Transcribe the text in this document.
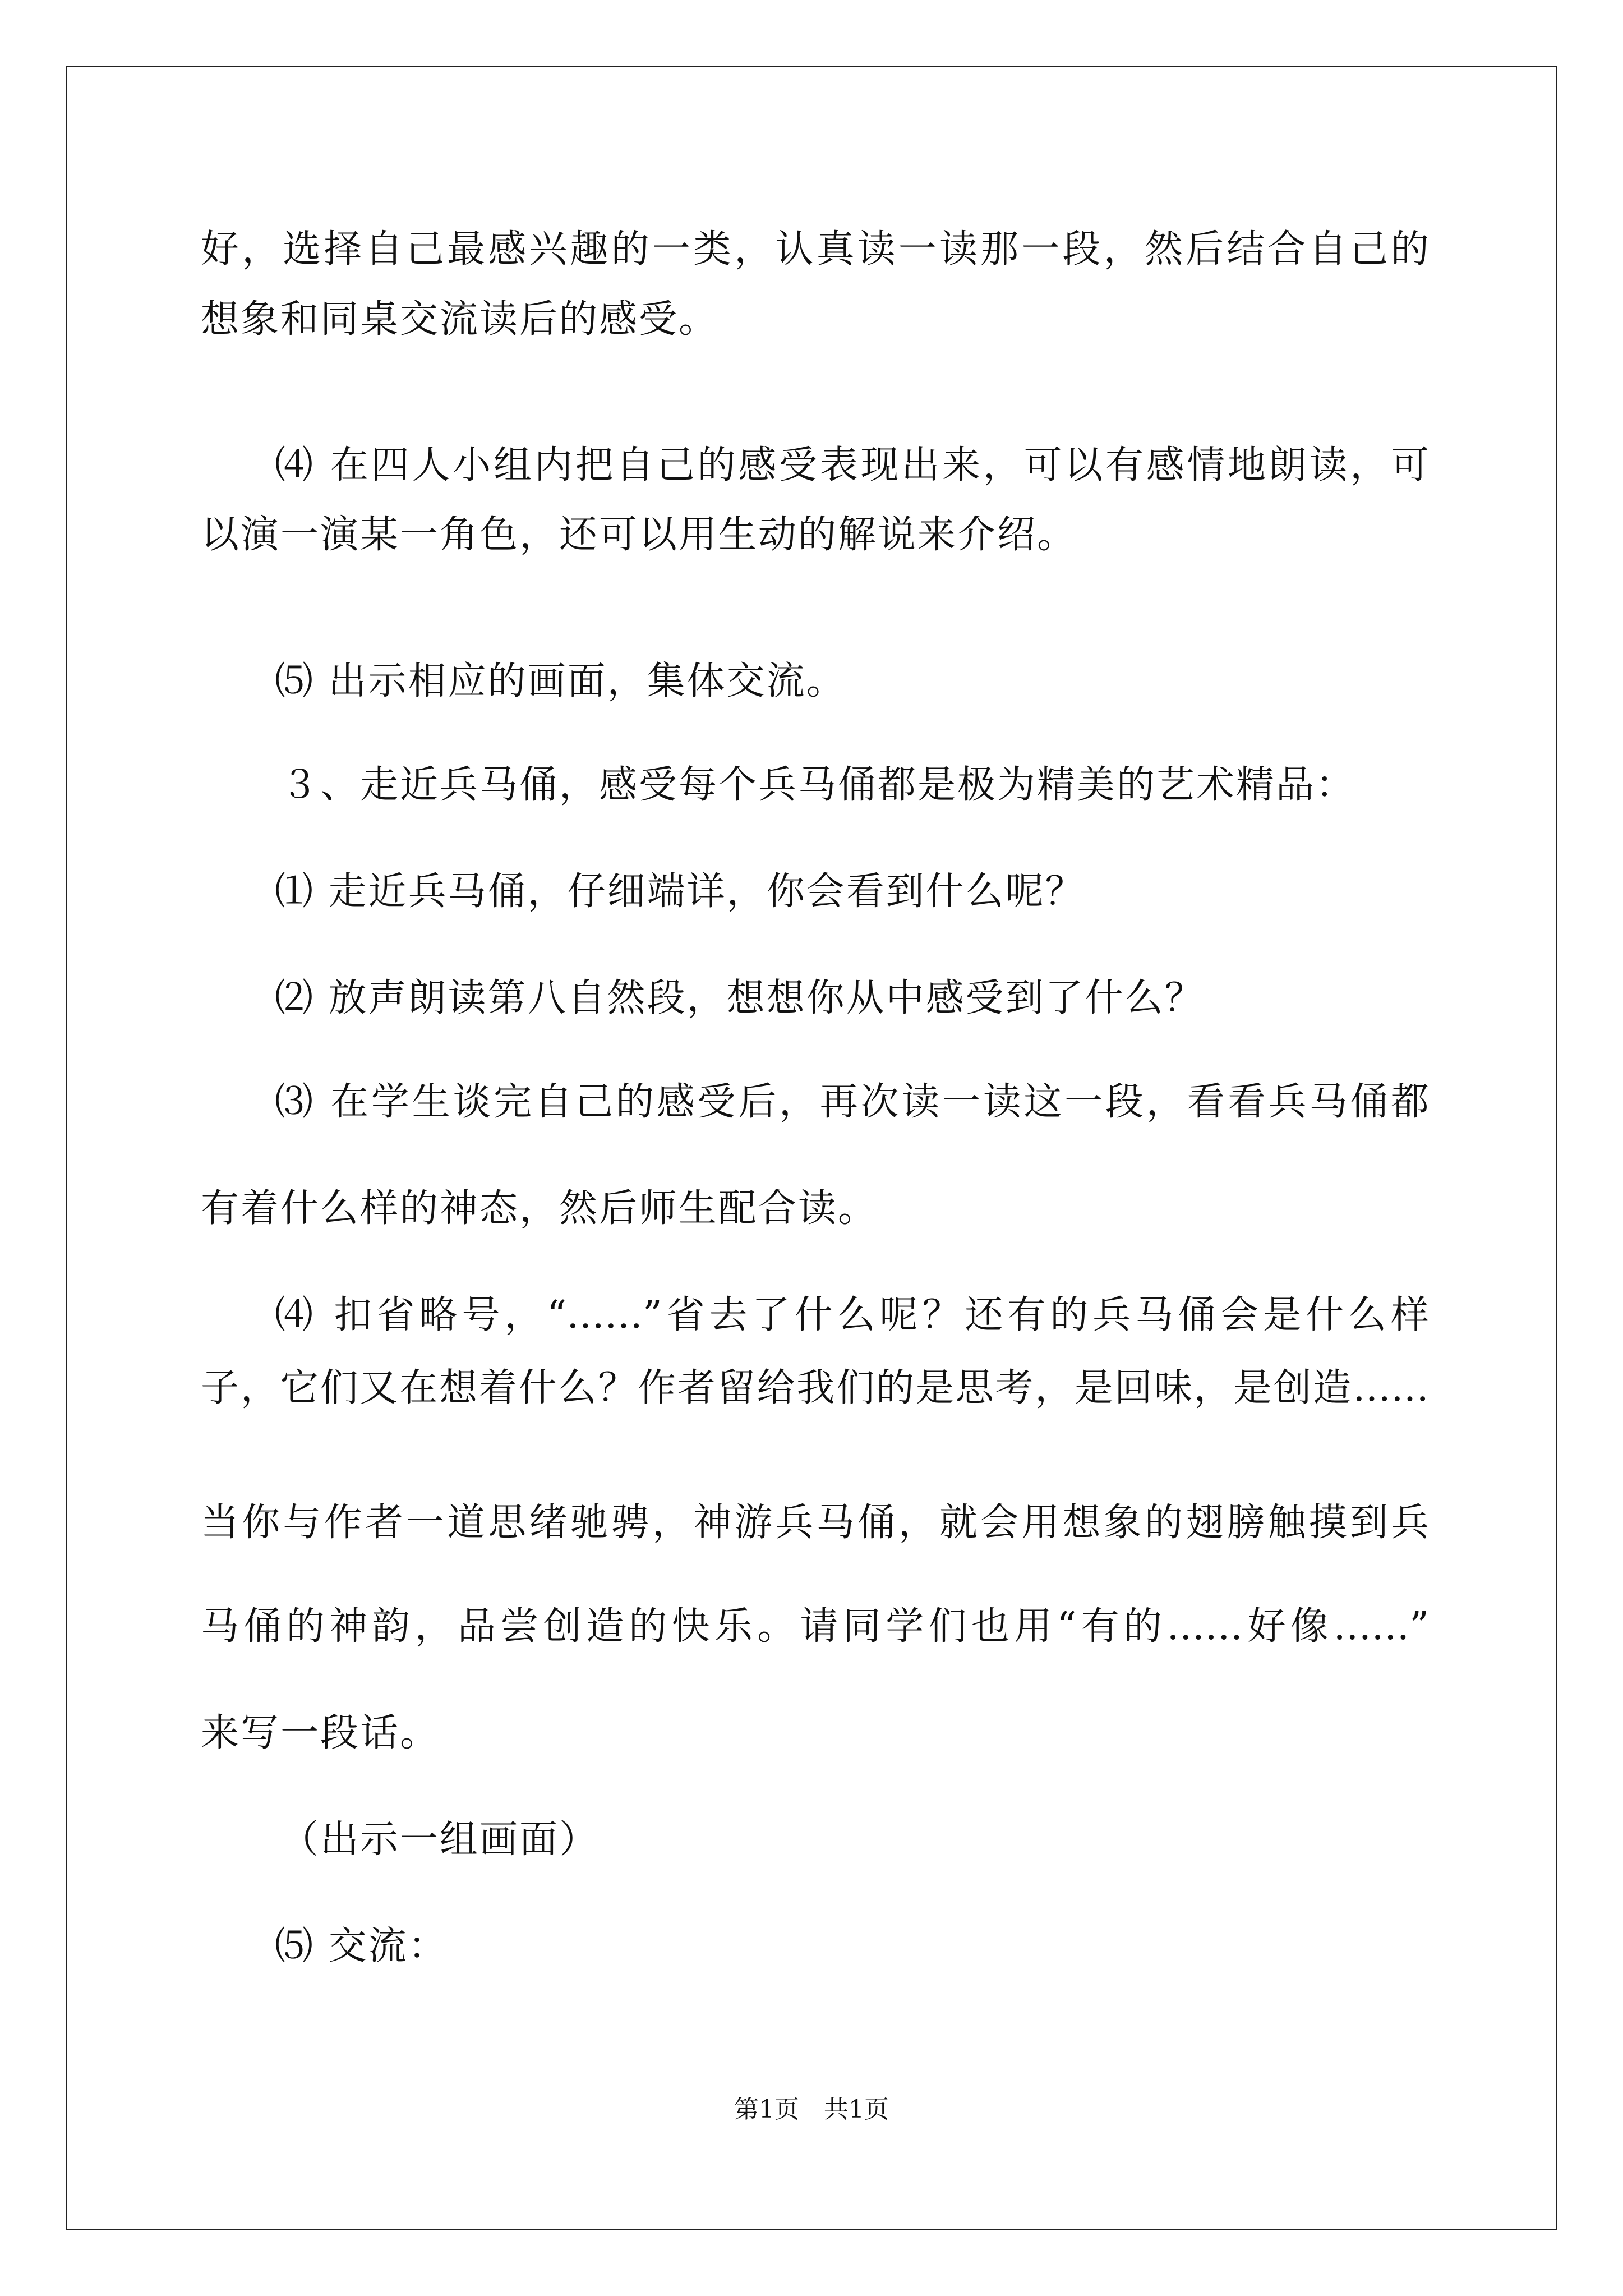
好，选择自己最感兴趣的一类，认真读一读那一段，然后结合自己的
想象和同桌交流读后的感受。
⑷ 在四人小组内把自己的感受表现出来，可以有感情地朗读，可
以演一演某一角色，还可以用生动的解说来介绍。
⑸ 出示相应的画面，集体交流。
３、走近兵马俑，感受每个兵马俑都是极为精美的艺术精品：
⑴ 走近兵马俑，仔细端详，你会看到什么呢？
⑵ 放声朗读第八自然段，想想你从中感受到了什么？
⑶ 在学生谈完自己的感受后，再次读一读这一段，看看兵马俑都
有着什么样的神态，然后师生配合读。
⑷ 扣省略号，“……”省去了什么呢？还有的兵马俑会是什么样
子，它们又在想着什么？作者留给我们的是思考，是回味，是创造……
当你与作者一道思绪驰骋，神游兵马俑，就会用想象的翅膀触摸到兵
马俑的神韵，品尝创造的快乐。请同学们也用“有的……好像……”
来写一段话。
（出示一组画面）
⑸ 交流：
第1页　共1页
